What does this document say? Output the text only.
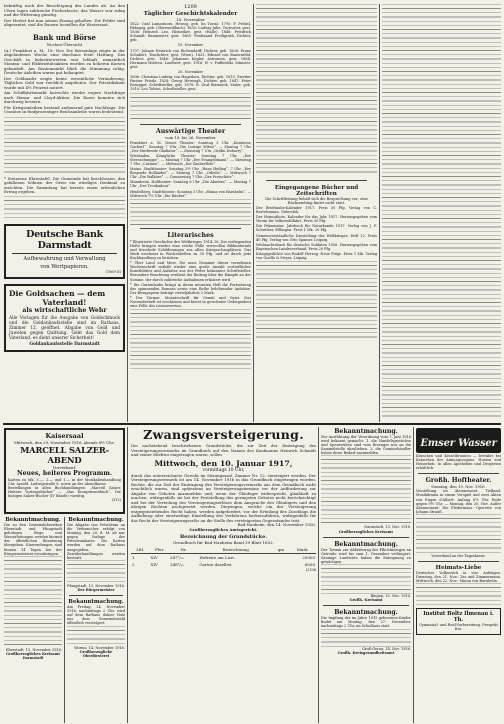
bekräftig nach der Besichtigung des Landes ab. An den Ufern lagen zahlreiche Fischerboote; das Wasser war ruhig und die Witterung günstig.

Der Herbst hat nun seinen Einzug gehalten. Die Felder sind abgeerntet, und die Bauern bestellen die Wintersaat.

Bank und Börse
Wochen-Übersicht

(A.) Frankfurt a. M., 18. Nov. Die Börsenlage zeigte in der abgelaufenen Woche eine durchaus feste Haltung. Das Geschäft in Industriewerten war lebhaft, namentlich Montan- und Elektrizitätsaktien wurden zu höheren Kursen gehandelt. Am Rentenmarkt blieb die Stimmung ruhig. Deutsche Anleihen waren gut behauptet.

Der Geldmarkt zeigte keine wesentliche Veränderung. Tägliches Geld war reichlich angeboten. Der Privatdiskont wurde mit 4½ Prozent notiert.

Am Schiffahrtsmarkt herrschte wieder regere Nachfrage nach Hansa- und Lloyd-Aktien. Die Kurse konnten sich durchweg bessern.

Für Kriegsanleihen bestand andauernd gute Nachfrage. Die Umsätze in fünfprozentiger Reichsanleihe waren bedeutend.

* Steinerne Ehrentafel. Die Gemeinde hat beschlossen, den gefallenen Söhnen des Ortes ein würdiges Denkmal zu errichten. Die Sammlung hat bereits einen erfreulichen Ertrag ergeben.

Deutsche Bank Darmstadt
Aufbewahrung und Verwaltung
von Wertpapieren.
(1969 II)
Die Goldsachen — dem
Vaterland!
als wirtschaftliche Wehr
Alle Vorlagen für die Ausgabe von Goldschmuck und die Goldankaufsstelle sind im Rathaus, Zimmer 12, geöffnet. Abgabe von Gold und Juwelen gegen Quittung. Gebt das Gold dem Vaterland, es dient unserer Sicherheit!
Goldankaufsstelle Darmstadt
1209
Täglicher Geschichtskalender
18. November

1822: Graf Lamarmora, Herzog, geb. (in Turin). 1795: F. Fröbel, Pädagog, geb. (Oberweißbach). 1835: Ludwig Jahn, Turnvater, gest. 1836: Heinrich Leo, Historiker, gest. (Halle). 1848: Friedrich Schmidt, Baumeister, gest. 1885: Ferdinand Freiligrath, Dichter, geb.

19. November

1707: Johann Heinrich von Eichendorff, Dichter, geb. 1828: Franz Schubert, Tondichter, gest. (Wien). 1832: Eduard von Bauernfeld, Dichter, gest. 1846: Johannes Kepler, Astronom, gest. 1884: Hermann Holsten, Landwirt, gest. 1916: H. v. Podbielski, Minister, gest.

20. November

1696: Christian Ludwig von Hagedorn, Dichter, geb. 1815: Zweiter Pariser Friede. 1828: Georg Herwegh, Dichter, geb. 1847: Peter Rosegger, Schriftsteller, geb. 1878: R. Graf Bismarck, Maler, geb. 1910: Leo Tolstoi, Schriftsteller, gest.

Auswärtige Theater
vom 19. bis 26. November

Frankfurt a. M. Neues Theater: Sonntag 3 Uhr „Komtesse Guckerl“. Sonntag 7 Uhr „Die Lustige Witwe“. — Montag 7 Uhr „Der Sterbende Gladiator“. — Dienstag 7 Uhr „Gräfin Dubarry“.

Wiesbaden. Königliche Theater: Sonntag 7 Uhr „Der Sternschnuppe“. — Montag 7 Uhr „Der Evangelimann“. — Dienstag 7 Uhr „Carmen“. — Mittwoch „Die Zauberflöte“.

Mainz. Stadttheater: Sonntag 3½ Uhr „Hans Heiling“, 7 Uhr „Der fliegende Holländer“. — Montag 7 Uhr „Othello“. — Mittwoch 7 Uhr „Die Walküre“. — Donnerstag 7 Uhr „Der Freischütz“.

Mannheim. Hoftheater: Sonntag 6 Uhr „Die Ahnfrau“. — Montag 7 Uhr „Der Troubadour“.

Heidelberg. Stadttheater: Sonntag 3 Uhr „Minna von Barnhelm“. — Mittwoch 7½ Uhr „Die Räuber“.

Literarisches

* Illustrierte Geschichte des Weltkrieges 1914–16. Die vorliegenden Hefte bringen wieder eine reiche Fülle wertvollen Bildmaterials und fesselnde Schilderungen aus allen Kriegsschauplätzen. Das Werk erscheint in Wochenheften zu 30 Pfg. und ist durch jede Buchhandlung zu beziehen.

* Über Land und Meer. Die neue Nummer dieser vornehmen Wochenschrift enthält wieder eine große Anzahl vortrefflicher Kunstblätter und Aufsätze aus der Feder bekannter Schriftsteller. Besondere Beachtung verdient der Beitrag über die Kämpfe an der Somme, der durch zahlreiche Aufnahmen erläutert wird.

* Die Gartenlaube bringt in ihrem neuesten Heft die Fortsetzung des spannenden Romans sowie eine Reihe belehrender Aufsätze. Der Bezugspreis beträgt vierteljährlich 2 Mark.

* Der Türmer. Monatsschrift für Gemüt und Geist. Das Novemberheft ist erschienen und bietet in gewohnter Gediegenheit eine Fülle des Lesenswerten.

Eingegangene Bücher und Zeitschriften
Die Schriftleitung behält sich die Besprechung vor; eine Rücksendung findet nicht statt.

Der Brieftaube-Kalender 1917. Preis 50 Pfg. Verlag von C. Bertelsmann, Gütersloh.

Der Heimatbote. Kalender für das Jahr 1917. Herausgegeben vom Verein für Volkswohlfahrt. Preis 30 Pfg.

Die Pekarnatur. Jahrbuch für Naturkunde 1917. Verlag von J. F. Schreiber, Eßlingen. Preis 1 Mk. 20 Pfg.

Gemeinverständliche Darstellung des Weltkrieges. Heft 12. Preis 40 Pfg. Verlag von Otto Spamer, Leipzig.

Weihnachtsbuch für deutsche Soldaten 1916. Herausgegeben vom Bayerischen Landesverband. Preis 20 Pfg.

Kriegsgedichte von Rudolf Herzog. Neue Folge. Preis 1 Mk. Verlag von Quelle & Meyer, Leipzig.

Kaisersaal
Mittwoch, den 29. November 1916, abends 8½ Uhr:
MARCELL SALZER-ABEND
Vorverkauf:
Neues, heiteres Programm.
Karten zu Mk. 3.—, 2.— und 1.— in der Musikalienhandlung Chr. Arnold, Ludwigstraße 8, sowie an der Abendkasse.
Bestellungen in allen Buchhandlungen: „Marcell Salzer, Heitere Vortragsbücher“ — „Das Kronprinzenbuch“, Die lustigen Salzer-Bücher (IV Bände) vorrätig.
(312)
Bekanntmachung.
Die zu den Gemeindebezirken Eberstadt und Pfungstadt gehörigen Wege und Wasserleitungen werden hiermit der öffentlichen Benutzung übergeben. Einwendungen sind binnen 14 Tagen bei der Bürgermeisterei vorzubringen.
Eberstadt, 15. November 1916.
Großherzogliches Kreisamt Darmstadt
Bekanntmachung.
Die Abgabe von Petroleum an die Verbraucher erfolgt von Montag, den 20. d. M. ab nur gegen Vorlage der Petroleumkarte. Die Karten werden auf dem Rathaus ausgegeben. Zuwiderhandlungen werden bestraft.
Pfungstadt, 15. November 1916.
Der Bürgermeister
Bekanntmachung.
Am Freitag, 24. November 1916, nachmittags 2 Uhr, wird auf dem Rathaus dahier Holz aus dem Gemeindewald öffentlich versteigert.
Worms, 14. November 1916.
Großherzogliche Oberförsterei
Zwangsversteigerung.
Die nachstehend beschriebenen Grundstücke, die zur Zeit der Eintragung des Versteigerungsvermerks im Grundbuch auf den Namen des Kaufmanns Heinrich Schmidt und seiner Ehefrau eingetragen waren, sollen
Mittwoch, den 10. Januar 1917,
vormittags 10 Uhr,
durch das unterzeichnete Gericht im Sitzungssaal, Zimmer Nr. 12, versteigert werden. Der Versteigerungsvermerk ist am 14. November 1916 in das Grundbuch eingetragen worden. Rechte, die zur Zeit der Eintragung des Versteigerungsvermerks aus dem Grundbuch nicht ersichtlich waren, sind spätestens im Versteigerungstermine vor der Aufforderung zur Abgabe von Geboten anzumelden und, wenn der Gläubiger widerspricht, glaubhaft zu machen, widrigenfalls sie bei der Feststellung des geringsten Gebotes nicht berücksichtigt und bei der Verteilung des Versteigerungserlöses dem Anspruche des Gläubigers und den übrigen Rechten nachgesetzt werden. Diejenigen, welche ein der Versteigerung entgegenstehendes Recht haben, werden aufgefordert, vor der Erteilung des Zuschlags die Aufhebung oder einstweilige Einstellung des Verfahrens herbeizuführen, widrigenfalls für das Recht der Versteigerungserlös an die Stelle des versteigerten Gegenstandes tritt.
Bad-Nauheim, den 14. November 1916.
Großherzogliches Amtsgericht.
Bezeichnung der Grundstücke.
Grundbuch für Bad-Nauheim Band 39 Blatt 1602.
Lfd.	Flur	Nr.	Bezeichnung	qm	Mark
1	XIV	347⁷/₁₀	Hofreite am Lust...		25000
2	XIV	348⁴/₁₀	Garten daselbst		6000
(2106
Bekanntmachung.
Zur Ausführung der Verordnung vom 7. Juni 1916 wird bekannt gemacht: 1. die Handelsgewächse und Speiserüben sind vom Erzeuger nur an die Sammelstelle abzuliefern. 2. die Gemüsehändler haben ihren Bedarf anzumelden.
Darmstadt, 15. Nov. 1916.
Großherzogliches Kreisamt
Bekanntmachung.
Der Termin zur Ablieferung der Pflichtmengen an Getreide wird bis zum 1. Dezember verlängert. Säumige Landwirte haben die Enteignung zu gewärtigen.
Bingen, 15. Nov. 1916.
Großh. Kreisamt
Bekanntmachung.
Die Impfung der im Jahre 1915 geborenen Kinder findet am Montag, den 27. November, nachmittags 2 Uhr, im Schulhaus statt.
Groß-Gerau, 14. Nov. 1916.
Großh. Kreisgesundheitsamt
Emser Wasser
Kränchen und Kesselbrunnen — bewährt bei Katarrhen der Atmungsorgane, Husten und Heiserkeit. In allen Apotheken und Drogerien erhältlich.
Großh. Hoftheater.
Sonntag, den 19. Nov. 1916.
Vorstellung im Abonnement. Tiefland. Musikdrama in einem Vorspiel und zwei Akten von Eugen d'Albert. Anfang 6½ Uhr. Ende gegen 9½ Uhr. — Montag, den 20. Nov. Außer Abonnement: Die Fledermaus. Operette von Johann Strauß.
Vorverkauf an der Tageskasse.
Heimats-Liebe
Deutsches Volksstück in vier Aufzügen. Dienstag, den 21. Nov.: Zar und Zimmermann. Mittwoch, den 22. Nov.: Minna von Barnhelm.
Institut Boltz Ilmenau i. Th.
Gymnasial- und Real-Vorbereitung. Prospekt frei.
